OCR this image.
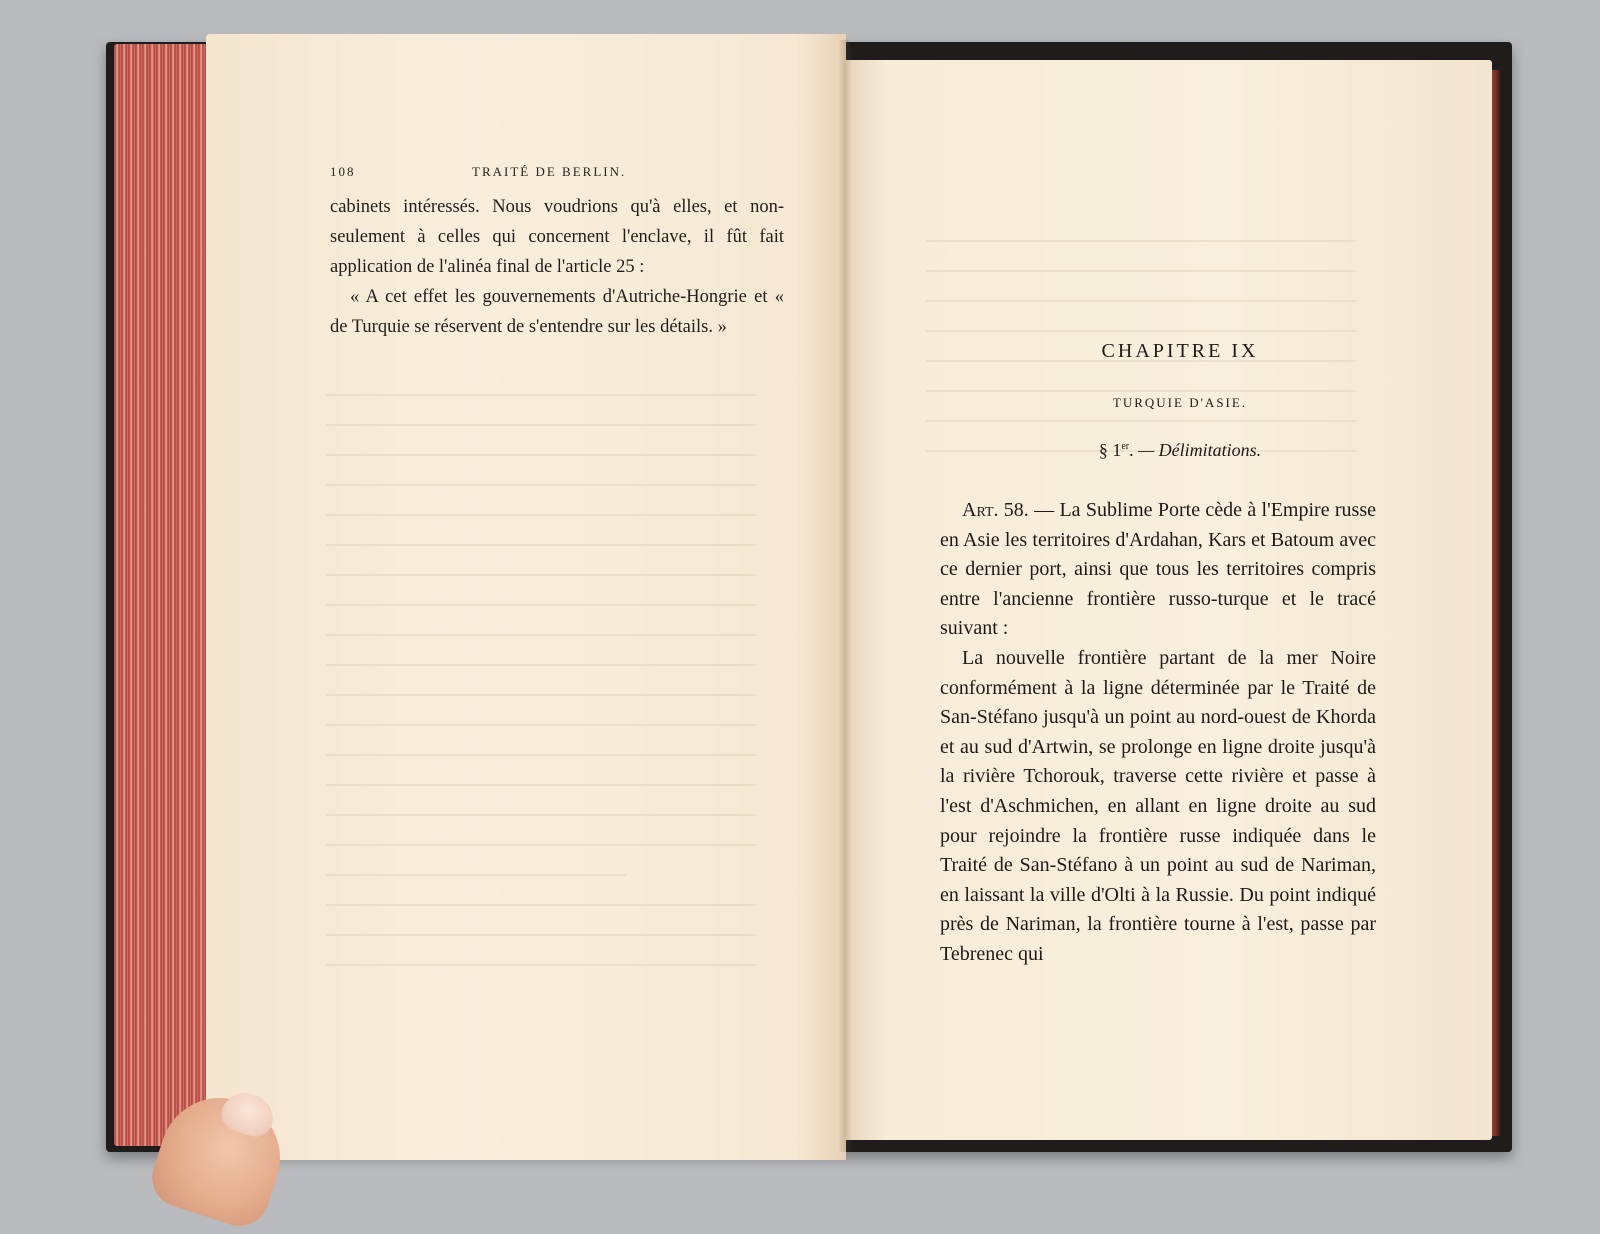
108	TRAITÉ DE BERLIN.

cabinets intéressés. Nous voudrions qu'à elles, et non-seulement à celles qui concernent l'enclave, il fût fait application de l'alinéa final de l'article 25 :

« A cet effet les gouvernements d'Autriche-Hongrie et « de Turquie se réservent de s'entendre sur les détails. »

CHAPITRE IX
TURQUIE D'ASIE.
§ 1er. — Délimitations.

Art. 58. — La Sublime Porte cède à l'Empire russe en Asie les territoires d'Ardahan, Kars et Batoum avec ce dernier port, ainsi que tous les territoires compris entre l'ancienne frontière russo-turque et le tracé suivant :

La nouvelle frontière partant de la mer Noire conformément à la ligne déterminée par le Traité de San-Stéfano jusqu'à un point au nord-ouest de Khorda et au sud d'Artwin, se prolonge en ligne droite jusqu'à la rivière Tchorouk, traverse cette rivière et passe à l'est d'Aschmichen, en allant en ligne droite au sud pour rejoindre la frontière russe indiquée dans le Traité de San-Stéfano à un point au sud de Nariman, en laissant la ville d'Olti à la Russie. Du point indiqué près de Nariman, la frontière tourne à l'est, passe par Tebrenec qui
